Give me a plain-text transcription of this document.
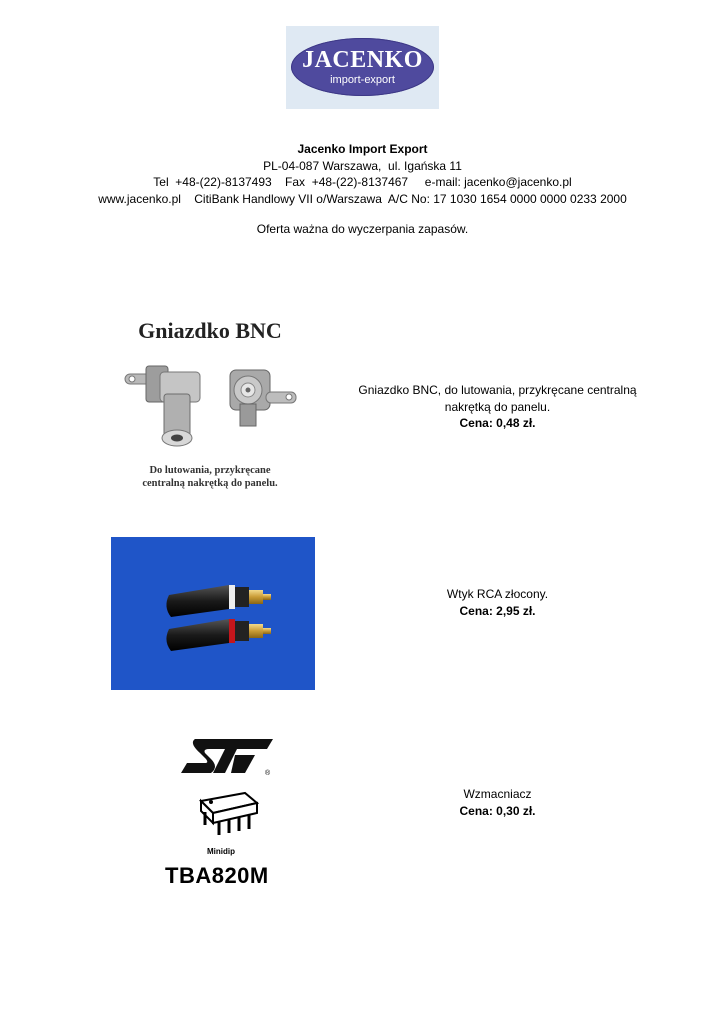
JACENKO
import-export
Jacenko Import Export
PL-04-087 Warszawa,  ul. Igańska 11
Tel  +48-(22)-8137493    Fax  +48-(22)-8137467     e-mail: jacenko@jacenko.pl
www.jacenko.pl    CitiBank Handlowy VII o/Warszawa  A/C No: 17 1030 1654 0000 0000 0233 2000
Oferta ważna do wyczerpania zapasów.
Gniazdko BNC
Do lutowania, przykręcane
centralną nakrętką do panelu.
Gniazdko BNC, do lutowania, przykręcane centralną
nakrętką do panelu.
Cena: 0,48 zł.
Wtyk RCA złocony.
Cena: 2,95 zł.
®
Minidip
TBA820M
Wzmacniacz
Cena: 0,30 zł.
